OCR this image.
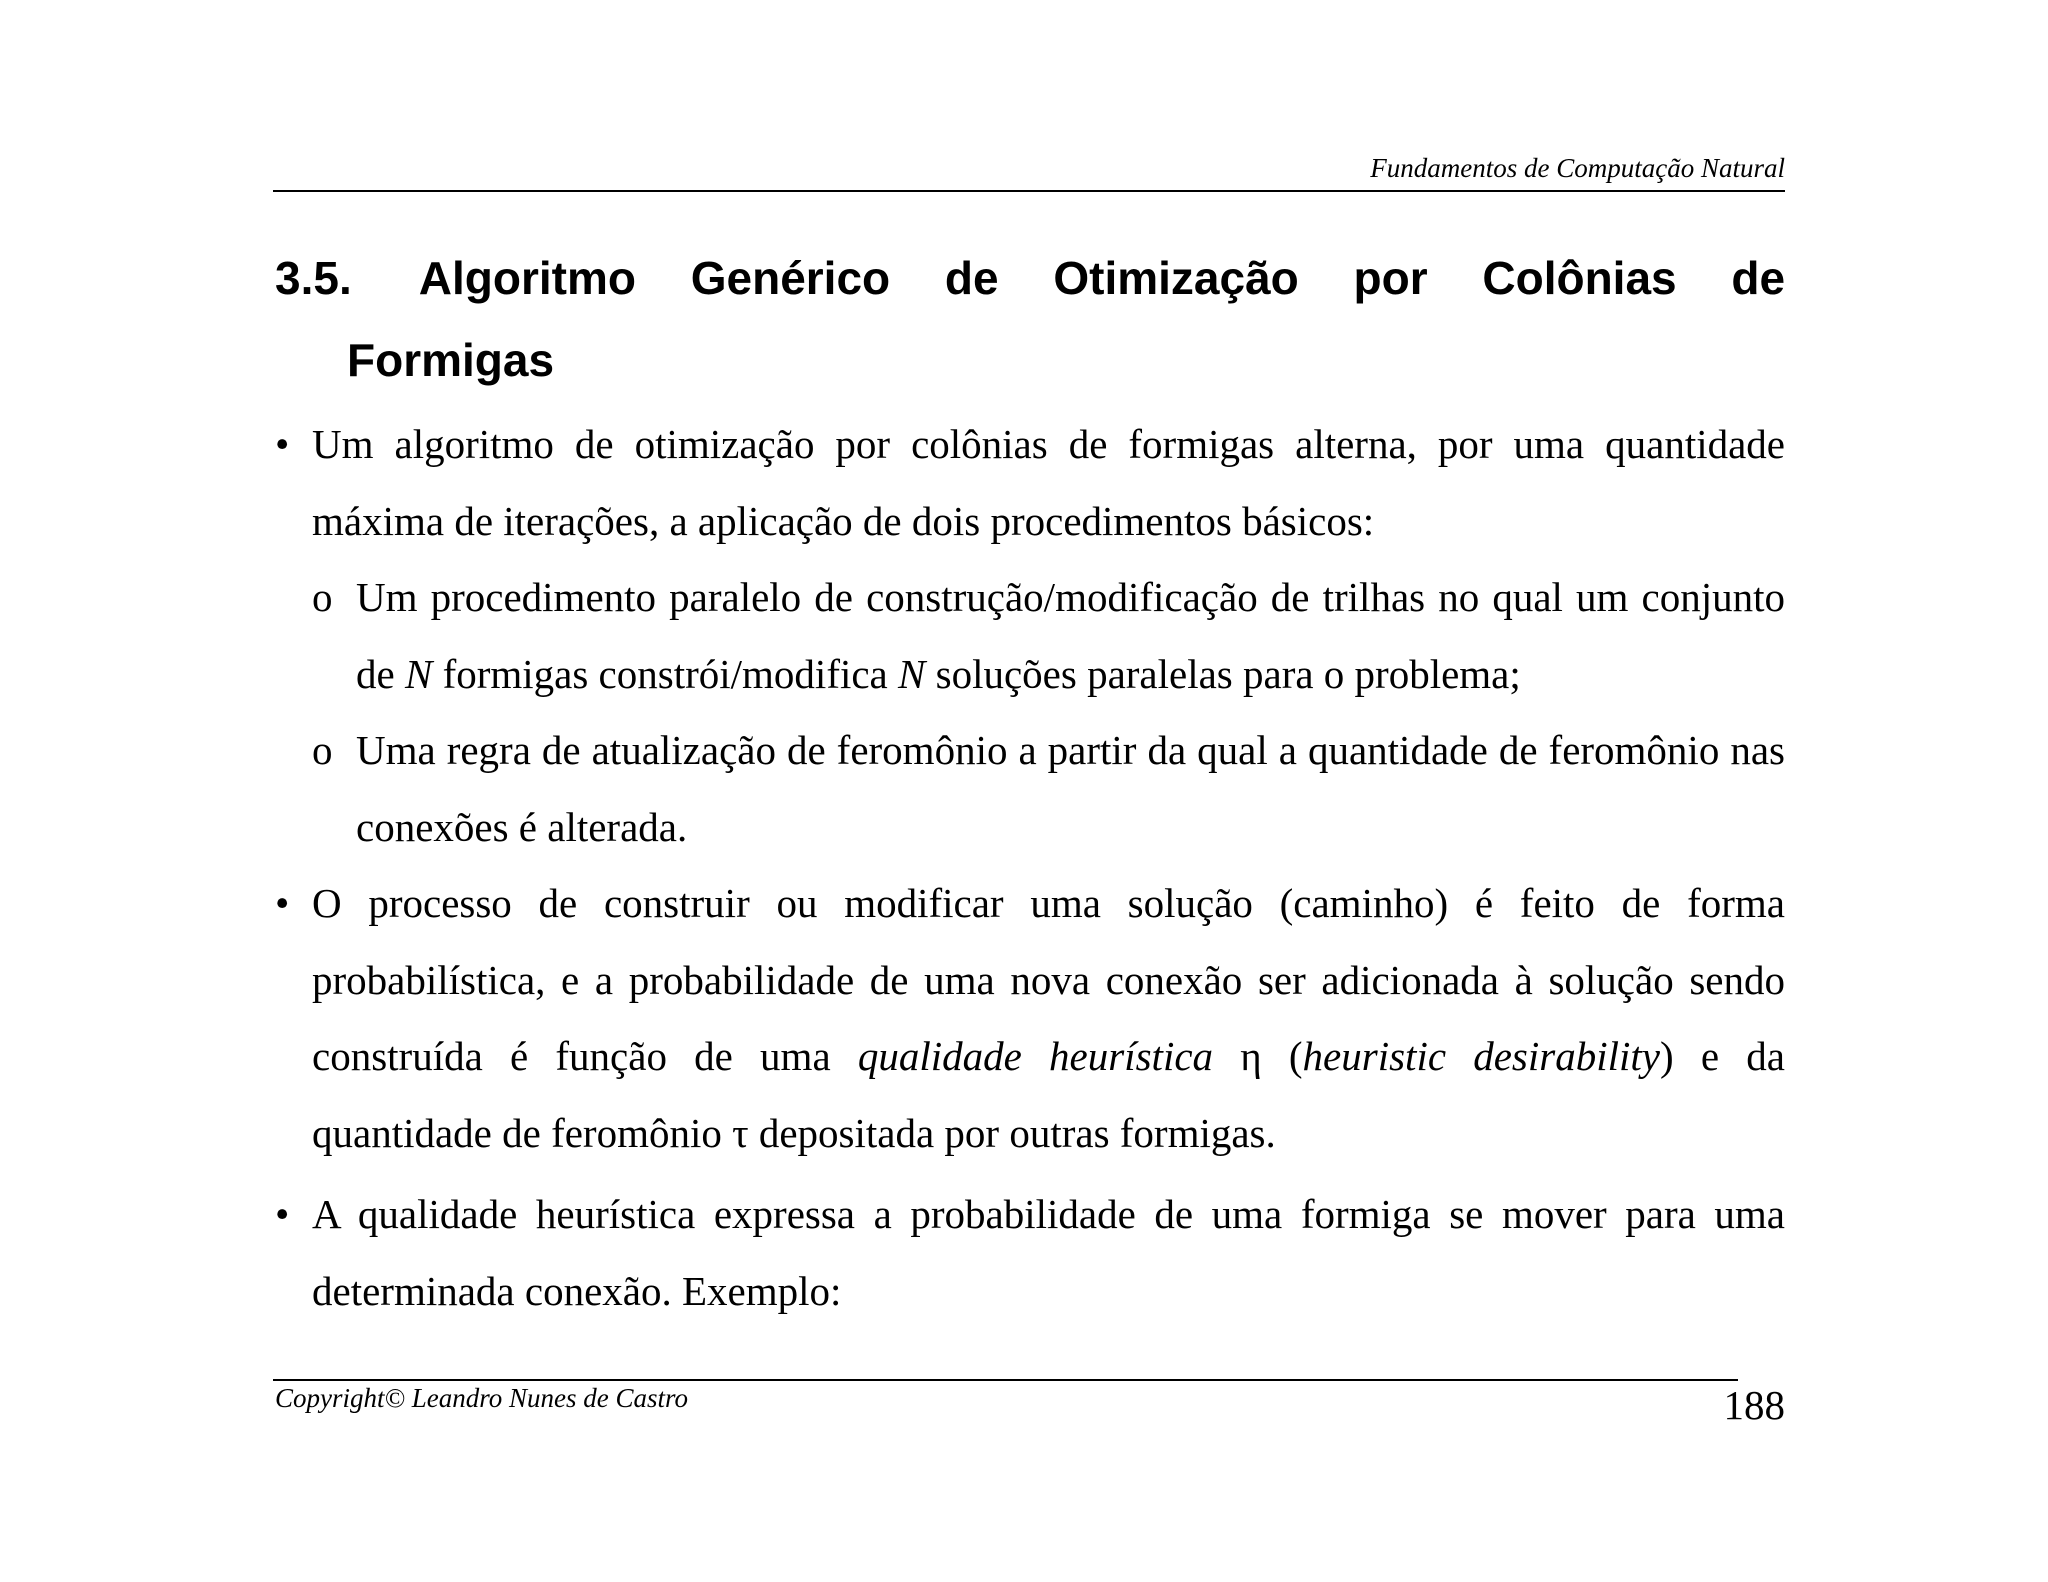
Fundamentos de Computação Natural
3.5. Algoritmo Genérico de Otimização por Colônias de
Formigas
• Um algoritmo de otimização por colônias de formigas alterna, por uma quantidade máxima de iterações, a aplicação de dois procedimentos básicos:
o Um procedimento paralelo de construção/modificação de trilhas no qual um conjunto de N formigas constrói/modifica N soluções paralelas para o problema;
o Uma regra de atualização de feromônio a partir da qual a quantidade de feromônio nas conexões é alterada.
• O processo de construir ou modificar uma solução (caminho) é feito de forma probabilística, e a probabilidade de uma nova conexão ser adicionada à solução sendo construída é função de uma qualidade heurística η (heuristic desirability) e da quantidade de feromônio τ depositada por outras formigas.
• A qualidade heurística expressa a probabilidade de uma formiga se mover para uma determinada conexão. Exemplo:
Copyright© Leandro Nunes de Castro	188
